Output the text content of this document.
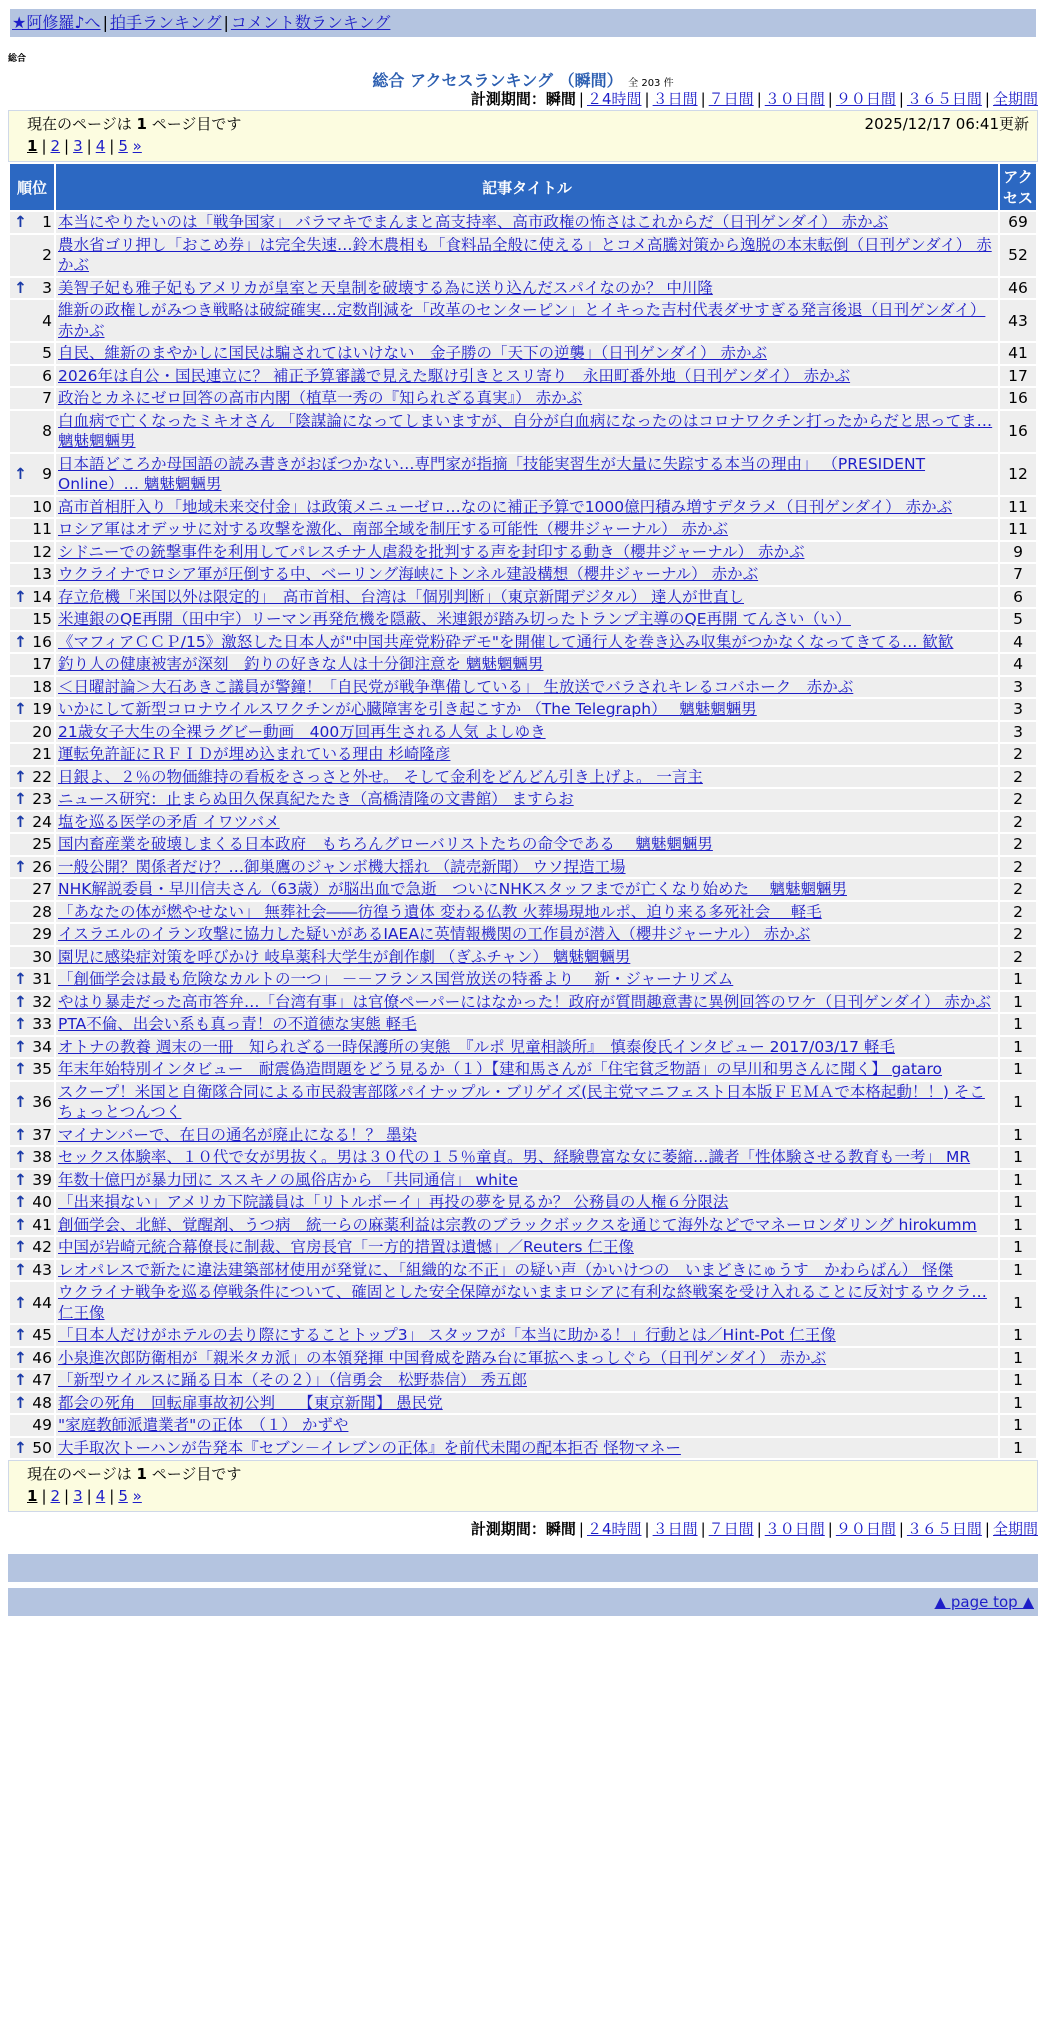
★阿修羅♪へ | 拍手ランキング | コメント数ランキング
総合
総合 アクセスランキング （瞬間） 全 203 件
計測期間：瞬間 | ２4時間 | ３日間 | ７日間 | ３０日間 | ９０日間 | ３６５日間 | 全期間
現在のページは 1 ページ目です	2025/12/17 06:41更新
1 | 2 | 3 | 4 | 5 »
順位	記事タイトル	アクセス

↑ 1	本当にやりたいのは「戦争国家」 バラマキでまんまと高支持率、高市政権の怖さはこれからだ（日刊ゲンダイ） 赤かぶ	69
2	農水省ゴリ押し「おこめ券」は完全失速…鈴木農相も「食料品全般に使える」とコメ高騰対策から逸脱の本末転倒（日刊ゲンダイ） 赤かぶ	52

↑ 3	美智子妃も雅子妃もアメリカが皇室と天皇制を破壊する為に送り込んだスパイなのか？ 中川隆	46
4	維新の政権しがみつき戦略は破綻確実…定数削減を「改革のセンターピン」とイキった吉村代表ダサすぎる発言後退（日刊ゲンダイ） 赤かぶ	43
5	自民、維新のまやかしに国民は騙されてはいけない　金子勝の「天下の逆襲」（日刊ゲンダイ） 赤かぶ	41
6	2026年は自公・国民連立に？ 補正予算審議で見えた駆け引きとスリ寄り　永田町番外地（日刊ゲンダイ） 赤かぶ	17
7	政治とカネにゼロ回答の高市内閣（植草一秀の『知られざる真実』） 赤かぶ	16
8	白血病で亡くなったミキオさん 「陰謀論になってしまいますが、自分が白血病になったのはコロナワクチン打ったからだと思ってま… 魑魅魍魎男	16

↑ 9	日本語どころか母国語の読み書きがおぼつかない…専門家が指摘「技能実習生が大量に失踪する本当の理由」 （PRESIDENT Online）… 魑魅魍魎男	12
10	高市首相肝入り「地域未来交付金」は政策メニューゼロ…なのに補正予算で1000億円積み増すデタラメ（日刊ゲンダイ） 赤かぶ	11
11	ロシア軍はオデッサに対する攻撃を激化、南部全域を制圧する可能性（櫻井ジャーナル） 赤かぶ	11
12	シドニーでの銃撃事件を利用してパレスチナ人虐殺を批判する声を封印する動き（櫻井ジャーナル） 赤かぶ	9
13	ウクライナでロシア軍が圧倒する中、ベーリング海峡にトンネル建設構想（櫻井ジャーナル） 赤かぶ	7

↑ 14	存立危機「米国以外は限定的」　高市首相、台湾は「個別判断」（東京新聞デジタル） 達人が世直し	6
15	米連銀のQE再開（田中宇）リーマン再発危機を隠蔽、米連銀が踏み切ったトランプ主導のQE再開 てんさい（い）	5

↑ 16	《マフィアＣＣＰ/15》激怒した日本人が"中国共産党粉砕デモ"を開催して通行人を巻き込み収集がつかなくなってきてる… 歓歓	4
17	釣り人の健康被害が深刻　釣りの好きな人は十分御注意を 魑魅魍魎男	4
18	＜日曜討論＞大石あきこ議員が警鐘！「自民党が戦争準備している」 生放送でバラされキレるコバホーク　赤かぶ	3

↑ 19	いかにして新型コロナウイルスワクチンが心臓障害を引き起こすか （The Telegraph）　 魑魅魍魎男	3
20	21歳女子大生の全裸ラグビー動画　400万回再生される人気 よしゆき	3
21	運転免許証にＲＦＩＤが埋め込まれている理由 杉崎隆彦	2

↑ 22	日銀よ、２％の物価維持の看板をさっさと外せ。 そして金利をどんどん引き上げよ。 一言主	2

↑ 23	ニュース研究：止まらぬ田久保真紀たたき（高橋清隆の文書館） ますらお	2

↑ 24	塩を巡る医学の矛盾 イワツバメ	2
25	国内畜産業を破壊しまくる日本政府　もちろんグローバリストたちの命令である　 魑魅魍魎男	2

↑ 26	一般公開？関係者だけ？…御巣鷹のジャンボ機大揺れ （読売新聞） ウソ捏造工場	2
27	NHK解説委員・早川信夫さん（63歳）が脳出血で急逝　ついにNHKスタッフまでが亡くなり始めた　 魑魅魍魎男	2
28	「あなたの体が燃やせない」 無葬社会――彷徨う遺体 変わる仏教 火葬場現地ルポ、迫り来る多死社会　 軽毛	2
29	イスラエルのイラン攻撃に協力した疑いがあるIAEAに英情報機関の工作員が潜入（櫻井ジャーナル） 赤かぶ	2
30	園児に感染症対策を呼びかけ 岐阜薬科大学生が創作劇 （ぎふチャン） 魑魅魍魎男	2

↑ 31	「創価学会は最も危険なカルトの一つ」 －－フランス国営放送の特番より　 新・ジャーナリズム	1

↑ 32	やはり暴走だった高市答弁…「台湾有事」は官僚ペーパーにはなかった！政府が質問趣意書に異例回答のワケ（日刊ゲンダイ） 赤かぶ	1

↑ 33	PTA不倫、出会い系も真っ青！の不道徳な実態 軽毛	1

↑ 34	オトナの教養 週末の一冊　知られざる一時保護所の実態　『ルポ 児童相談所』　慎泰俊氏インタビュー 2017/03/17 軽毛	1

↑ 35	年末年始特別インタビュー　耐震偽造問題をどう見るか（１）【建和馬さんが「住宅貧乏物語」の早川和男さんに聞く】 gataro	1

↑ 36	スクープ！米国と自衛隊合同による市民殺害部隊パイナップル・ブリゲイズ(民主党マニフェスト日本版ＦＥＭＡで本格起動！！) そこちょっとつんつく	1

↑ 37	マイナンバーで、在日の通名が廃止になる！？ 墨染	1

↑ 38	セックス体験率、１０代で女が男抜く。男は３０代の１５％童貞。男、経験豊富な女に萎縮…識者「性体験させる教育も一考」 MR	1

↑ 39	年数十億円が暴力団に ススキノの風俗店から 「共同通信」 white	1

↑ 40	「出来損ない」アメリカ下院議員は「リトルボーイ」再投の夢を見るか？ 公務員の人権６分限法	1

↑ 41	創価学会、北鮮、覚醒剤、うつ病　統一らの麻薬利益は宗教のブラックボックスを通じて海外などでマネーロンダリング hirokumm	1

↑ 42	中国が岩崎元統合幕僚長に制裁、官房長官「一方的措置は遺憾」／Reuters 仁王像	1

↑ 43	レオパレスで新たに違法建築部材使用が発覚に、「組織的な不正」の疑い声（かいけつの　いまどきにゅうす　かわらばん） 怪傑	1

↑ 44	ウクライナ戦争を巡る停戦条件について、確固とした安全保障がないままロシアに有利な終戦案を受け入れることに反対するウクラ… 仁王像	1

↑ 45	「日本人だけがホテルの去り際にすることトップ3」 スタッフが「本当に助かる！」行動とは／Hint-Pot 仁王像	1

↑ 46	小泉進次郎防衛相が「親米タカ派」の本領発揮 中国脅威を踏み台に軍拡へまっしぐら（日刊ゲンダイ） 赤かぶ	1

↑ 47	「新型ウイルスに踊る日本（その２）」（信勇会　松野恭信） 秀五郎	1

↑ 48	都会の死角　回転扉事故初公判　　【東京新聞】 愚民党	1
49	"家庭教師派遣業者"の正体　（１） かずや	1

↑ 50	大手取次トーハンが告発本『セブン－イレブンの正体』を前代未聞の配本拒否 怪物マネー	1
現在のページは 1 ページ目です
1 | 2 | 3 | 4 | 5 »
計測期間：瞬間 | ２4時間 | ３日間 | ７日間 | ３０日間 | ９０日間 | ３６５日間 | 全期間
▲ page top ▲
